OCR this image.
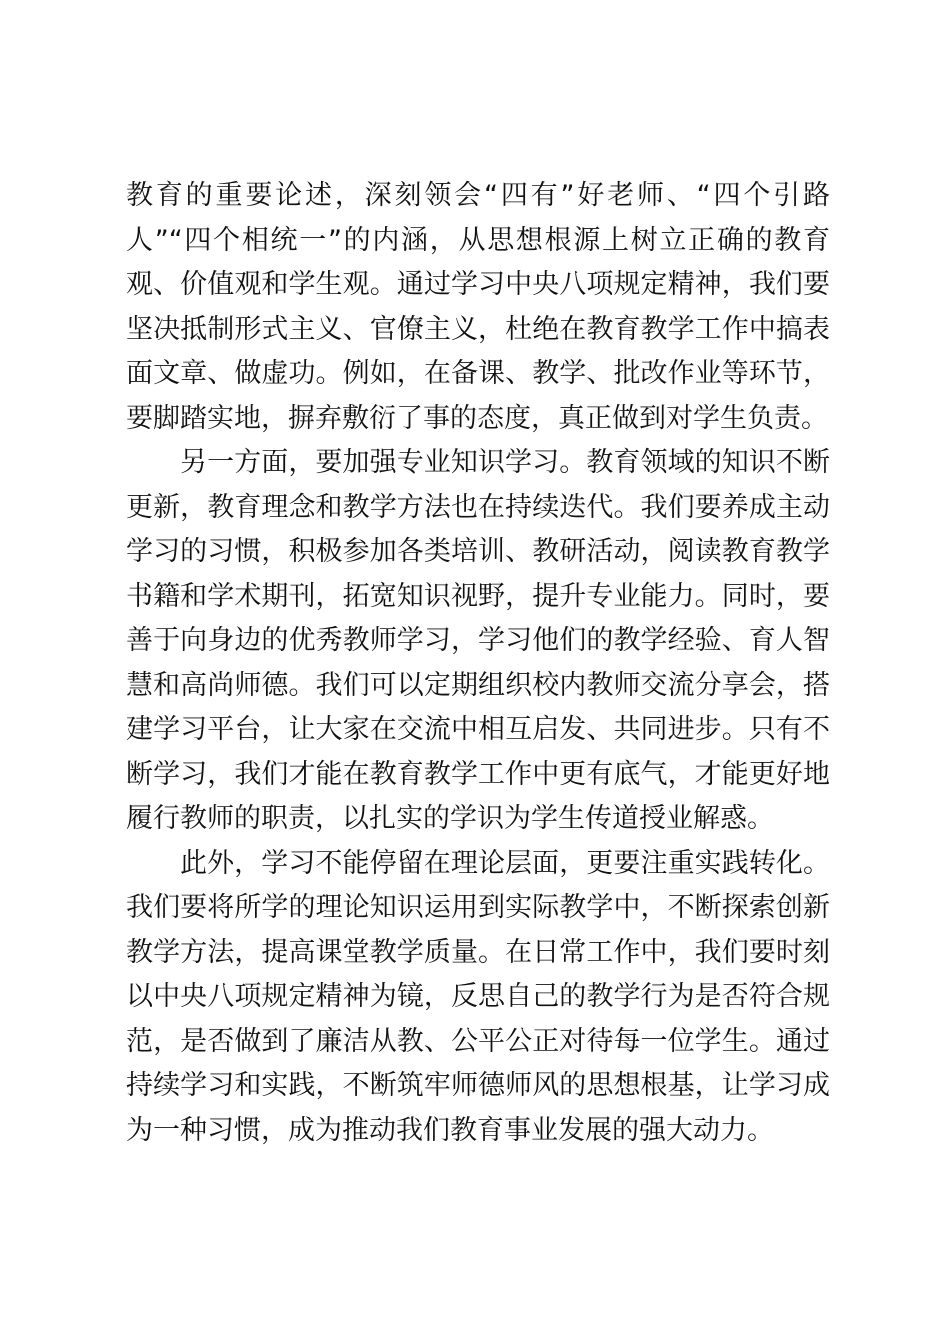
教育的重要论述，深刻领会“四有”好老师、“四个引路人”“四个相统一”的内涵，从思想根源上树立正确的教育观、价值观和学生观。通过学习中央八项规定精神，我们要坚决抵制形式主义、官僚主义，杜绝在教育教学工作中搞表面文章、做虚功。例如，在备课、教学、批改作业等环节，要脚踏实地，摒弃敷衍了事的态度，真正做到对学生负责。

另一方面，要加强专业知识学习。教育领域的知识不断更新，教育理念和教学方法也在持续迭代。我们要养成主动学习的习惯，积极参加各类培训、教研活动，阅读教育教学书籍和学术期刊，拓宽知识视野，提升专业能力。同时，要善于向身边的优秀教师学习，学习他们的教学经验、育人智慧和高尚师德。我们可以定期组织校内教师交流分享会，搭建学习平台，让大家在交流中相互启发、共同进步。只有不断学习，我们才能在教育教学工作中更有底气，才能更好地履行教师的职责，以扎实的学识为学生传道授业解惑。

此外，学习不能停留在理论层面，更要注重实践转化。我们要将所学的理论知识运用到实际教学中，不断探索创新教学方法，提高课堂教学质量。在日常工作中，我们要时刻以中央八项规定精神为镜，反思自己的教学行为是否符合规范，是否做到了廉洁从教、公平公正对待每一位学生。通过持续学习和实践，不断筑牢师德师风的思想根基，让学习成为一种习惯，成为推动我们教育事业发展的强大动力。
